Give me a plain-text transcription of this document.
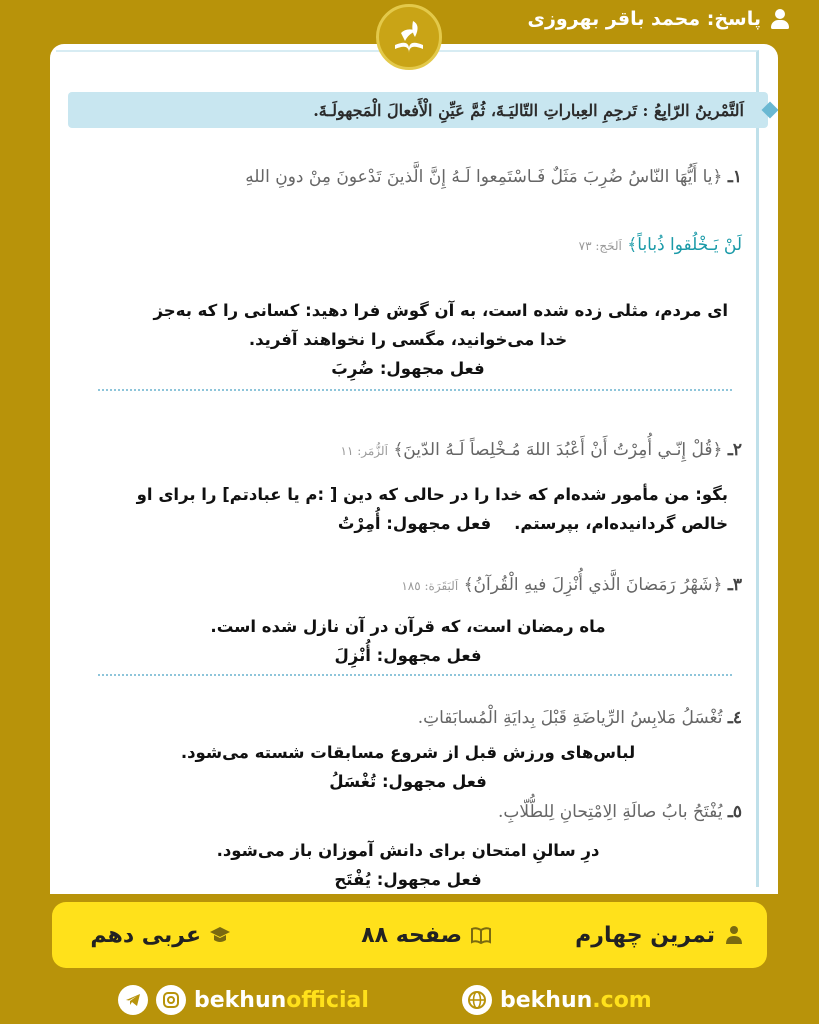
پاسخ: محمد باقر بهروزی
اَلتَّمْرينُ الرّابِعُ : تَرجِمِ العِباراتِ التّاليَـةَ، ثُمَّ عَيِّنِ الْأَفعالَ الْمَجهولَـةَ.
١ـ ﴿يا أَيُّهَا النّاسُ ضُرِبَ مَثَلٌ فَـاسْتَمِعوا لَـهُ إِنَّ الَّذينَ تَدْعونَ مِنْ دونِ اللهِ
لَنْ يَـخْلُقوا ذُباباً﴾ اَلحَج: ٧٣
ای مردم، مثلی زده شده است، به آن گوش فرا دهید: کسانی را که به‌جز
خدا می‌خوانید، مگسی را نخواهند آفرید.
فعل مجهول: ضُرِبَ
٢ـ ﴿قُلْ إِنّـي أُمِرْتُ أَنْ أَعْبُدَ اللهَ مُـخْلِصاً لَـهُ الدّينَ﴾ اَلزُّمَر: ١١
بگو: من مأمور شده‌ام که خدا را در حالی که دین [ :م یا عبادتم] را برای او
خالص گردانیده‌ام، بپرستم.    فعل مجهول: أُمِرْتُ
٣ـ ﴿شَهْرُ رَمَضانَ الَّذي أُنْزِلَ فيهِ الْقُرآنُ﴾ اَلبَقَرَة: ١٨٥
ماه رمضان است، که قرآن در آن نازل شده است.
فعل مجهول: أُنْزِلَ
٤ـ تُغْسَلُ مَلابِسُ الرِّياضَةِ قَبْلَ بِدايَةِ الْمُسابَقاتِ.
لباس‌های ورزش قبل از شروع مسابقات شسته می‌شود.
فعل مجهول: تُغْسَلُ
٥ـ يُفْتَحُ بابُ صالَةِ الِامْتِحانِ لِلطُّلّابِ.
درِ سالنِ امتحان برای دانش آموزان باز می‌شود.
فعل مجهول: يُفْتَح
تمرین چهارم
صفحه ۸۸
عربی دهم
bekhunofficial	bekhun.com
